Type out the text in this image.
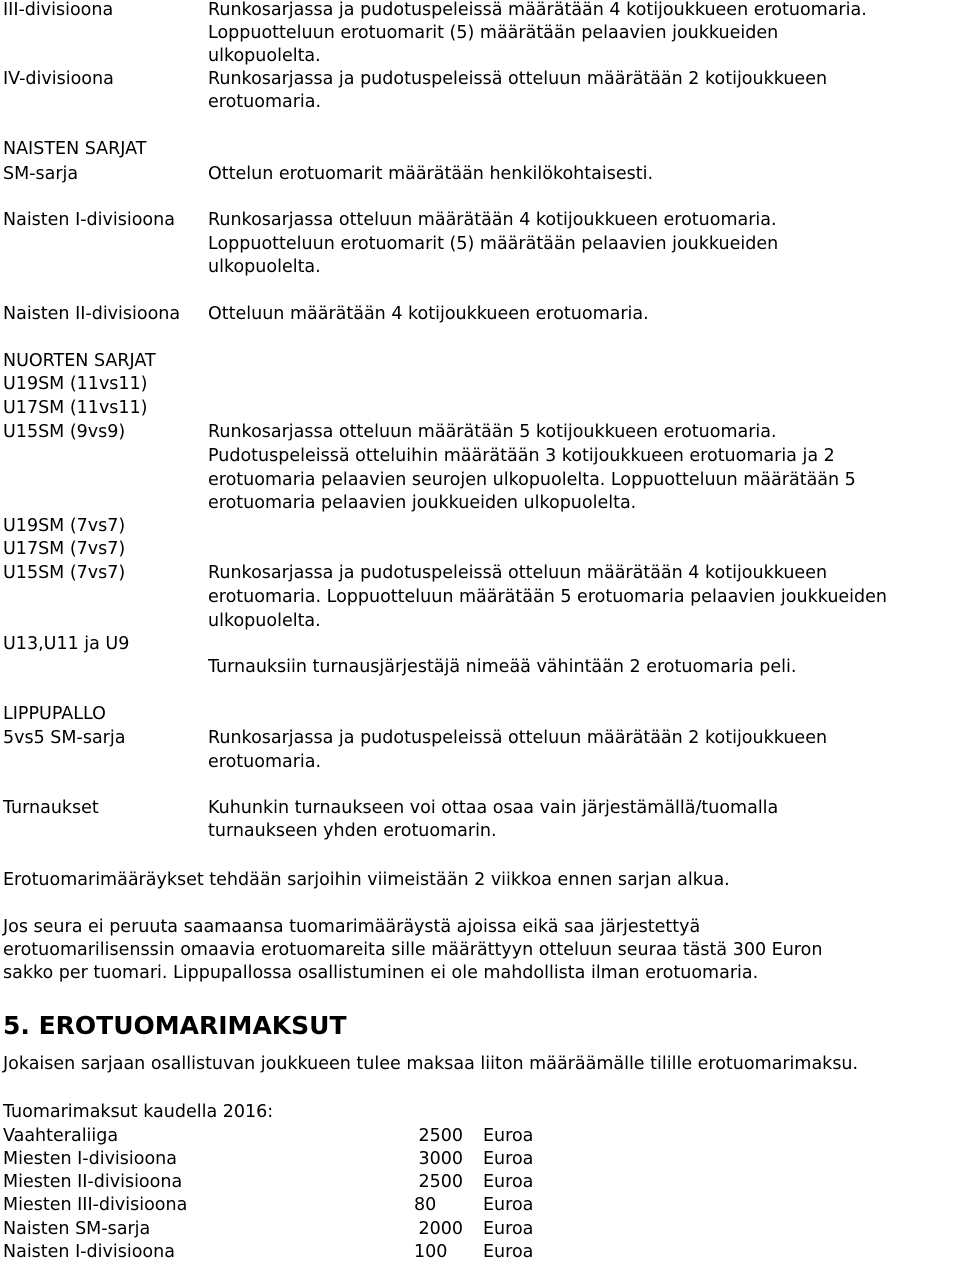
III-divisioona	Runkosarjassa ja pudotuspeleissä määrätään 4 kotijoukkueen erotuomaria.
Loppuotteluun erotuomarit (5) määrätään pelaavien joukkueiden
ulkopuolelta.
IV-divisioona	Runkosarjassa ja pudotuspeleissä otteluun määrätään 2 kotijoukkueen
erotuomaria.
NAISTEN SARJAT
SM-sarja	Ottelun erotuomarit määrätään henkilökohtaisesti.
Naisten I-divisioona Runkosarjassa otteluun määrätään 4 kotijoukkueen erotuomaria.
Loppuotteluun erotuomarit (5) määrätään pelaavien joukkueiden
ulkopuolelta.
Naisten II-divisioona Otteluun määrätään 4 kotijoukkueen erotuomaria.
NUORTEN SARJAT
U19SM (11vs11)
U17SM (11vs11)
U15SM (9vs9)	Runkosarjassa otteluun määrätään 5 kotijoukkueen erotuomaria.
Pudotuspeleissä otteluihin määrätään 3 kotijoukkueen erotuomaria ja 2
erotuomaria pelaavien seurojen ulkopuolelta. Loppuotteluun määrätään 5
erotuomaria pelaavien joukkueiden ulkopuolelta.
U19SM (7vs7)
U17SM (7vs7)
U15SM (7vs7)	Runkosarjassa ja pudotuspeleissä otteluun määrätään 4 kotijoukkueen
erotuomaria. Loppuotteluun määrätään 5 erotuomaria pelaavien joukkueiden
ulkopuolelta.
U13,U11 ja U9
Turnauksiin turnausjärjestäjä nimeää vähintään 2 erotuomaria peli.
LIPPUPALLO
5vs5 SM-sarja	Runkosarjassa ja pudotuspeleissä otteluun määrätään 2 kotijoukkueen
erotuomaria.
Turnaukset	Kuhunkin turnaukseen voi ottaa osaa vain järjestämällä/tuomalla
turnaukseen yhden erotuomarin.
Erotuomarimääräykset tehdään sarjoihin viimeistään 2 viikkoa ennen sarjan alkua.
Jos seura ei peruuta saamaansa tuomarimääräystä ajoissa eikä saa järjestettyä
erotuomarilisenssin omaavia erotuomareita sille määrättyyn otteluun seuraa tästä 300 Euron
sakko per tuomari. Lippupallossa osallistuminen ei ole mahdollista ilman erotuomaria.
5. EROTUOMARIMAKSUT
Jokaisen sarjaan osallistuvan joukkueen tulee maksaa liiton määräämälle tilille erotuomarimaksu.
Tuomarimaksut kaudella 2016:
Vaahteraliiga	2500 Euroa
Miesten I-divisioona	3000 Euroa
Miesten II-divisioona	2500 Euroa
Miesten III-divisioona	80	Euroa
Naisten SM-sarja	2000 Euroa
Naisten I-divisioona	100 Euroa
